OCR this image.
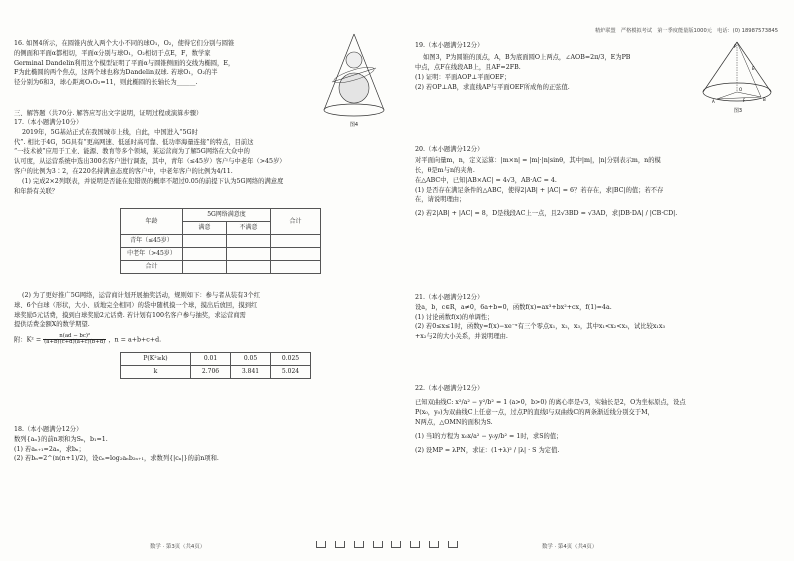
16. 如图4所示，在圆锥内放入两个大小不同的球O₁，O₂，使得它们分别与圆锥

的侧面和平面α都相切，平面α分别与球O₁，O₂相切于点E，F，数学家

Germinal Dandelin利用这个模型证明了平面α与圆锥侧面的交线为椭圆，E，

F为此椭圆的两个焦点，这两个球也称为Dandelin双球. 若球O₁，O₂的半

径分别为6和3，球心距离O₁O₂=11，则此椭圆的长轴长为______.

图4
三、解答题（共70分. 解答应写出文字说明，证明过程或演算步骤）

17.（本小题满分10分）

2019年，5G基站正式在我国城市上线，自此，中国进入“5G时

代”. 相比于4G，5G具有“更高网速、低延时高可靠、低功率海量连接”的特点，目前这

“一技术被”应用于工业、能源、教育等多个领域，某运营商为了解5G网络在大众中的

认可度，从运营系统中选出300名客户进行调查，其中，青年（≤45岁）客户与中老年（>45岁）

客户的比例为3∶2，在220名持满意态度的客户中，中老年客户的比例为4/11.

(1) 完成2×2列联表，并说明是否能在犯错误的概率不超过0.05的前提下认为5G网络的满意度

和年龄有关联？

年龄	5G网络满意度		合计
	满意	不满意	
青年（≤45岁）			
中老年（>45岁）			
合计			

(2) 为了更好推广5G网络，运营商计划开展抽奖活动，规则如下：参与者从装有3个红

球、6个白球（形状，大小、质地完全相同）的袋中随机摸一个球，摸出后放回，摸到红

球奖励5元话费，摸到白球奖励2元话费. 若计划有100名客户参与抽奖，求运营商需

提供话费金额X的数学期望.

附：$K^2 = \frac{\text{n(ad − bc)²}}{(a+b)(c+d)(a+c)(b+d)}$ ，n = a+b+c+d.

P(K²≥k)	0.01	0.05	0.025
k	2.706	3.841	5.024

18.（本小题满分12分）

数列{aₙ}的前n项和为Sₙ，b₁=1.

(1) 若aₙ₊₁=2aₙ，求bₙ；

(2) 若bₙ=2^(n(n+1)/2)，设cₙ=log₂aₙb₂ₙ₊₁，求数列{|cₙ|}的前n项和.

数学 · 第3页（共4页）
精炉联盟　严格模拟考试　第一季度能量版1000元　电话：(0) 18987573845

19.（本小题满分12分）

如图3，P为圆锥的顶点，A，B为底面圆O上两点，∠AOB=2π/3，E为PB

中点，点F在线段AB上，且AF=2FB.

(1) 证明：平面AOP⊥平面OEF；

(2) 若OP⊥AB，求直线AP与平面OEF所成角的正弦值.

P
E
O
A	B
F
图3

20.（本小题满分12分）

对平面向量m，n，定义运算：|m×n| = |m|·|n|sinθ，其中|m|，|n|分别表示m，n的模

长，θ是m与n的夹角.

在△ABC中，已知|AB×AC| = 4√3，AB·AC = 4.

(1) 是否存在满足条件的△ABC，使得2|AB| + |AC| = 6？若存在，求|BC|的值；若不存

在，请说明理由；

(2) 若2|AB| + |AC| = 8，D是线段AC上一点，且2√3BD = √3AD，求|DB·DA| / |CB·CD|.

21.（本小题满分12分）

设a，b，c∈R，a≠0，6a+b=0，函数f(x)=ax³+bx²+cx，f(1)=4a.

(1) 讨论函数f(x)的单调性；

(2) 若0≤x≤1时，函数y=f(x)−xe⁻ˣ有三个零点x₁，x₂，x₃，其中x₁<x₂<x₃，试比较x₁x₃

+x₂与2的大小关系，并说明理由.

22.（本小题满分12分）

已知双曲线C: x²/a² − y²/b² = 1 (a>0，b>0) 的离心率是√3，实轴长是2，O为坐标原点，设点

P(x₀，y₀)为双曲线C上任意一点，过点P的直线l与双曲线C的两条渐近线分别交于M，

N两点，△OMN的面积为S.

(1) 当l的方程为 x₀x/a² − y₀y/b² = 1时，求S的值；

(2) 设MP = λPN，求证：(1+λ)² / |λ| · S 为定值.

数学 · 第4页（共4页）
